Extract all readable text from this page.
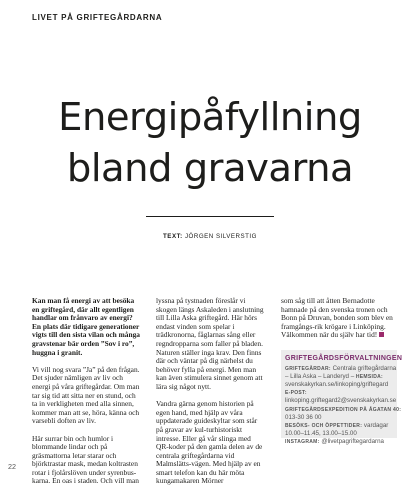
LIVET PÅ GRIFTEGÅRDARNA
Energipåfyllning
bland gravarna
TEXT: JÖRGEN SILVERSTIG

Kan man få energi av att besöka en griftegård, där allt egentligen handlar om frånvaro av energi? En plats där tidigare generationer vigts till den sista vilan och många gravstenar bär orden ”Sov i ro”, huggna i granit.

Vi vill nog svara ”Ja” på den frågan. Det sjuder nämligen av liv och energi på våra griftegårdar. Om man tar sig tid att sitta ner en stund, och ta in verkligheten med alla sinnen, kommer man att se, höra, känna och varsebli doften av liv.

Här surrar bin och humlor i blommande lindar och på gräsmattorna letar starar och björktrastar mask, medan koltrasten rotar i fjolårslöven under syrenbus-karna. En oas i staden. Och vill man

lyssna på tystnaden föreslår vi skogen längs Askaleden i anslutning till Lilla Aska griftegård. Här hörs endast vinden som spelar i trädkronorna, fåglarnas sång eller regndropparna som faller på bladen. Naturen ställer inga krav. Den finns där och väntar på dig närhelst du behöver fylla på energi. Men man kan även stimulera sinnet genom att lära sig något nytt.

Vandra gärna genom historien på egen hand, med hjälp av våra uppdaterade guideskyltar som står på gravar av kul-turhistoriskt intresse. Eller gå vår slinga med QR-koder på den gamla delen av de centrala griftegårdarna vid Malmslätts-vägen. Med hjälp av en smart telefon kan du här möta kungamakaren Mörner

som såg till att åtten Bernadotte hamnade på den svenska tronen och Bonn på Druvan, bonden som blev en framgångs-rik krögare i Linköping. Välkommen när du själv har tid!

GRIFTEGÅRDSFÖRVALTNINGEN
GRIFTEGÅRDAR: Centrala griftegårdarna
– Lilla Aska – Landeryd – HEMSIDA:
svenskakyrkan.se/linkoping/griftegard
E-POST:
linkoping.griftegard2@svenskakyrkan.se
GRIFTEGÅRDSEXPEDITION PÅ ÅGATAN 40:
013-30 36 00
BESÖKS- OCH ÖPPETTIDER: vardagar
10.00–11.45, 13.00–15.00
INSTAGRAM: @livetpagriftegardarna
22
